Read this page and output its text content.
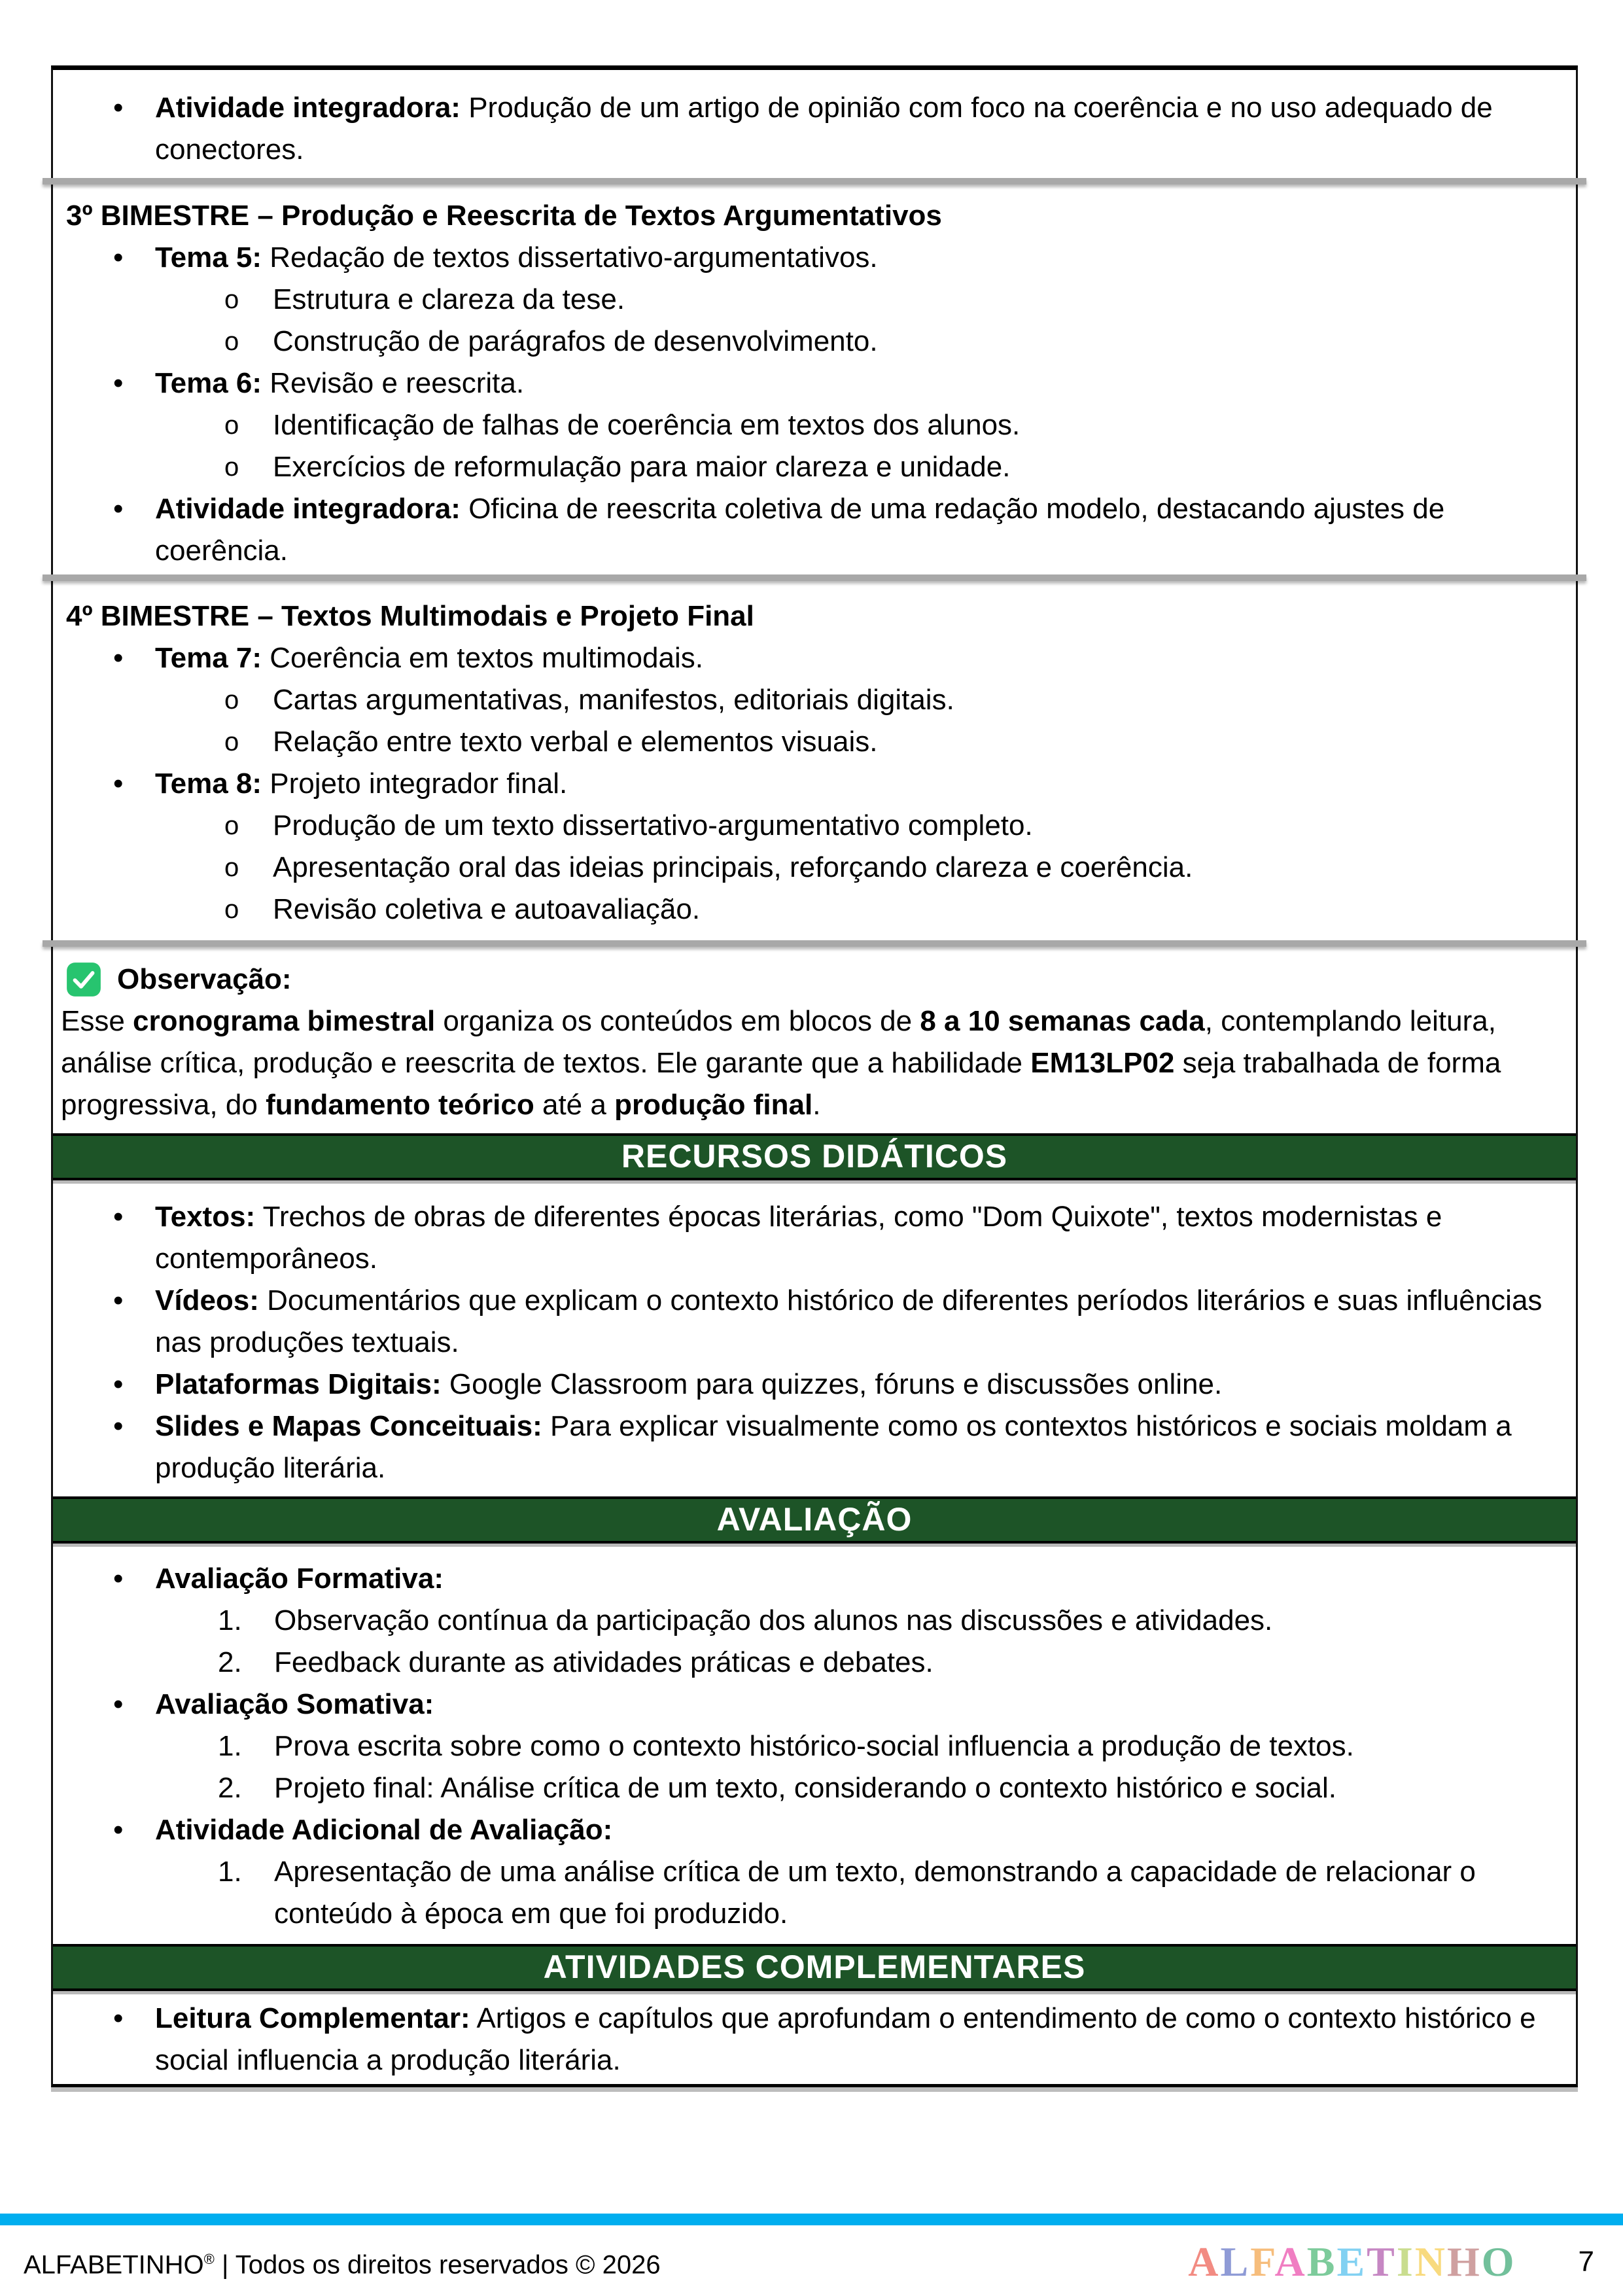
•
Atividade integradora: Produção de um artigo de opinião com foco na coerência e no uso adequado de conectores.
3º BIMESTRE – Produção e Reescrita de Textos Argumentativos
•
Tema 5: Redação de textos dissertativo-argumentativos.
o
Estrutura e clareza da tese.
o
Construção de parágrafos de desenvolvimento.
•
Tema 6: Revisão e reescrita.
o
Identificação de falhas de coerência em textos dos alunos.
o
Exercícios de reformulação para maior clareza e unidade.
•
Atividade integradora: Oficina de reescrita coletiva de uma redação modelo, destacando ajustes de coerência.
4º BIMESTRE – Textos Multimodais e Projeto Final
•
Tema 7: Coerência em textos multimodais.
o
Cartas argumentativas, manifestos, editoriais digitais.
o
Relação entre texto verbal e elementos visuais.
•
Tema 8: Projeto integrador final.
o
Produção de um texto dissertativo-argumentativo completo.
o
Apresentação oral das ideias principais, reforçando clareza e coerência.
o
Revisão coletiva e autoavaliação.
Observação:

Esse cronograma bimestral organiza os conteúdos em blocos de 8 a 10 semanas cada, contemplando leitura, análise crítica, produção e reescrita de textos. Ele garante que a habilidade EM13LP02 seja trabalhada de forma progressiva, do fundamento teórico até a produção final.

RECURSOS DIDÁTICOS
•
Textos: Trechos de obras de diferentes épocas literárias, como "Dom Quixote", textos modernistas e contemporâneos.
•
Vídeos: Documentários que explicam o contexto histórico de diferentes períodos literários e suas influências nas produções textuais.
•
Plataformas Digitais: Google Classroom para quizzes, fóruns e discussões online.
•
Slides e Mapas Conceituais: Para explicar visualmente como os contextos históricos e sociais moldam a produção literária.
AVALIAÇÃO
•
Avaliação Formativa:
1.	Observação contínua da participação dos alunos nas discussões e atividades.
2.	Feedback durante as atividades práticas e debates.
•
Avaliação Somativa:
1.	Prova escrita sobre como o contexto histórico-social influencia a produção de textos.
2.	Projeto final: Análise crítica de um texto, considerando o contexto histórico e social.
•
Atividade Adicional de Avaliação:
1.	Apresentação de uma análise crítica de um texto, demonstrando a capacidade de relacionar o conteúdo à época em que foi produzido.
ATIVIDADES COMPLEMENTARES
•
Leitura Complementar: Artigos e capítulos que aprofundam o entendimento de como o contexto histórico e social influencia a produção literária.
ALFABETINHO® | Todos os direitos reservados © 2026	ALFABETINHO 7
